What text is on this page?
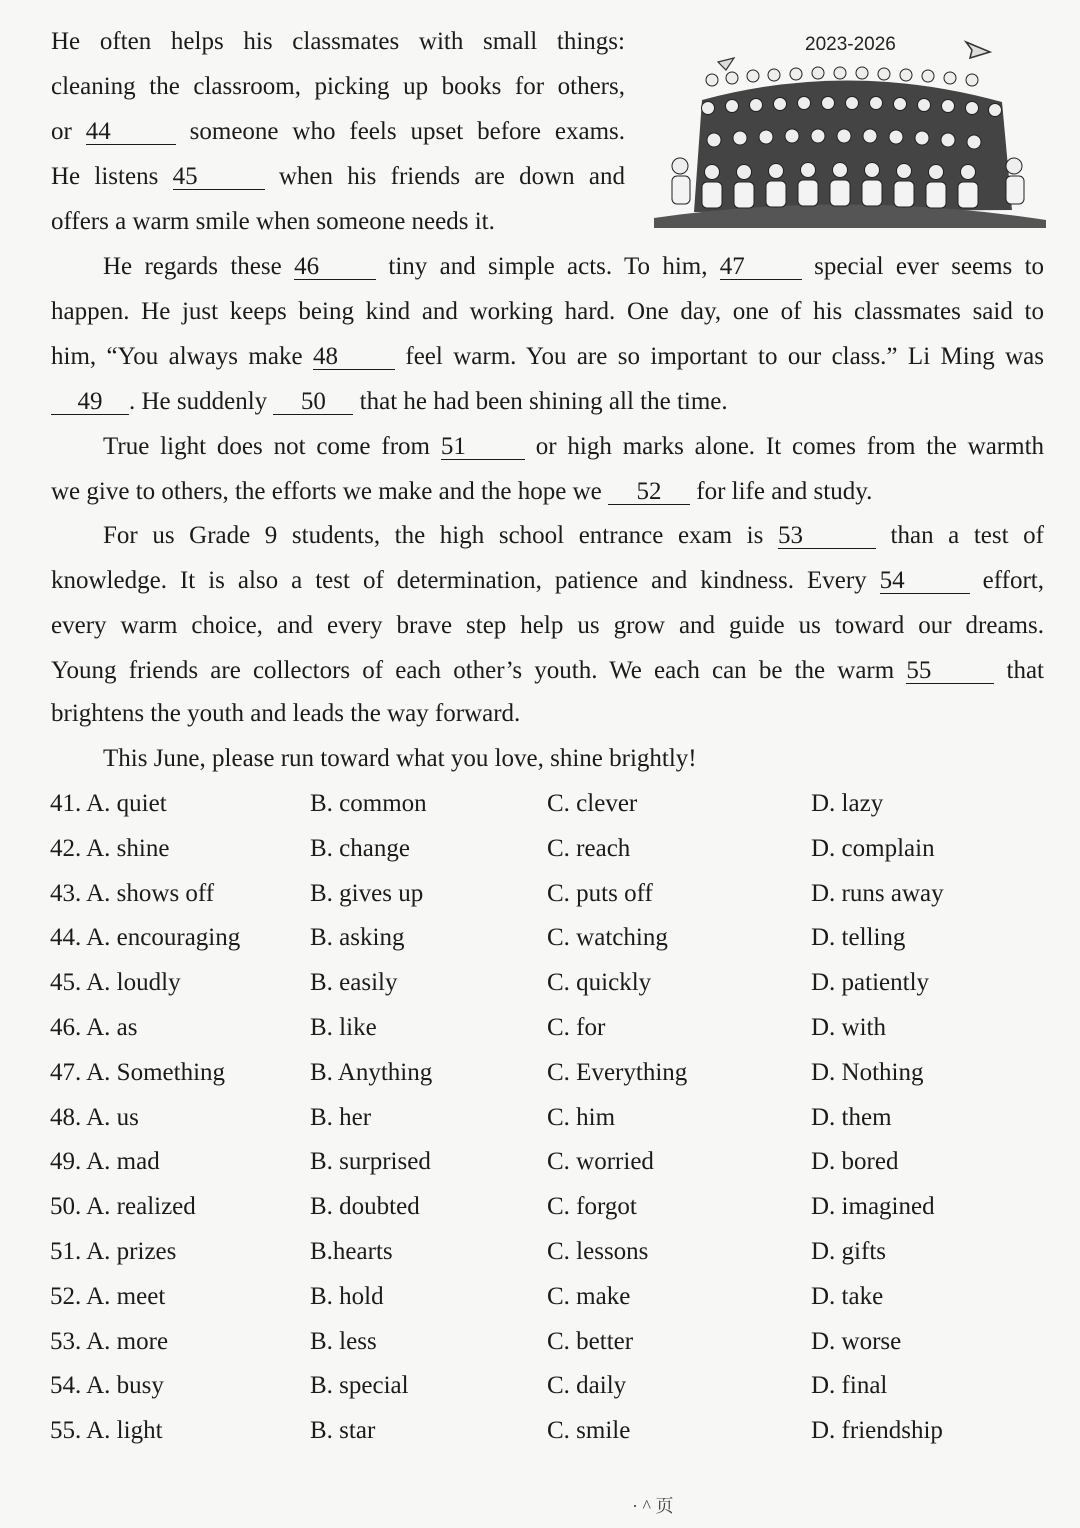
He often helps his classmates with small things:
cleaning the classroom, picking up books for others,
or 44	someone who feels upset before exams.
He listens 45	when his friends are down and
offers a warm smile when someone needs it.
2023-2026
He regards these 46	tiny and simple acts. To him, 47	special ever seems to
happen. He just keeps being kind and working hard. One day, one of his classmates said to
him, “You always make 48	feel warm. You are so important to our class.” Li Ming was
49 . He suddenly 50 that he had been shining all the time.
True light does not come from 51	or high marks alone. It comes from the warmth
we give to others, the efforts we make and the hope we 52 for life and study.
For us Grade 9 students, the high school entrance exam is 53	than a test of
knowledge. It is also a test of determination, patience and kindness. Every 54	effort,
every warm choice, and every brave step help us grow and guide us toward our dreams.
Young friends are collectors of each other’s youth. We each can be the warm 55	that
brightens the youth and leads the way forward.
This June, please run toward what you love, shine brightly!
41. A. quiet	B. common	C. clever	D. lazy
42. A. shine	B. change	C. reach	D. complain
43. A. shows off	B. gives up	C. puts off	D. runs away
44. A. encouraging	B. asking	C. watching	D. telling
45. A. loudly	B. easily	C. quickly	D. patiently
46. A. as	B. like	C. for	D. with
47. A. Something	B. Anything	C. Everything	D. Nothing
48. A. us	B. her	C. him	D. them
49. A. mad	B. surprised	C. worried	D. bored
50. A. realized	B. doubted	C. forgot	D. imagined
51. A. prizes	B.hearts	C. lessons	D. gifts
52. A. meet	B. hold	C. make	D. take
53. A. more	B. less	C. better	D. worse
54. A. busy	B. special	C. daily	D. final
55. A. light	B. star	C. smile	D. friendship
· ^ 页
